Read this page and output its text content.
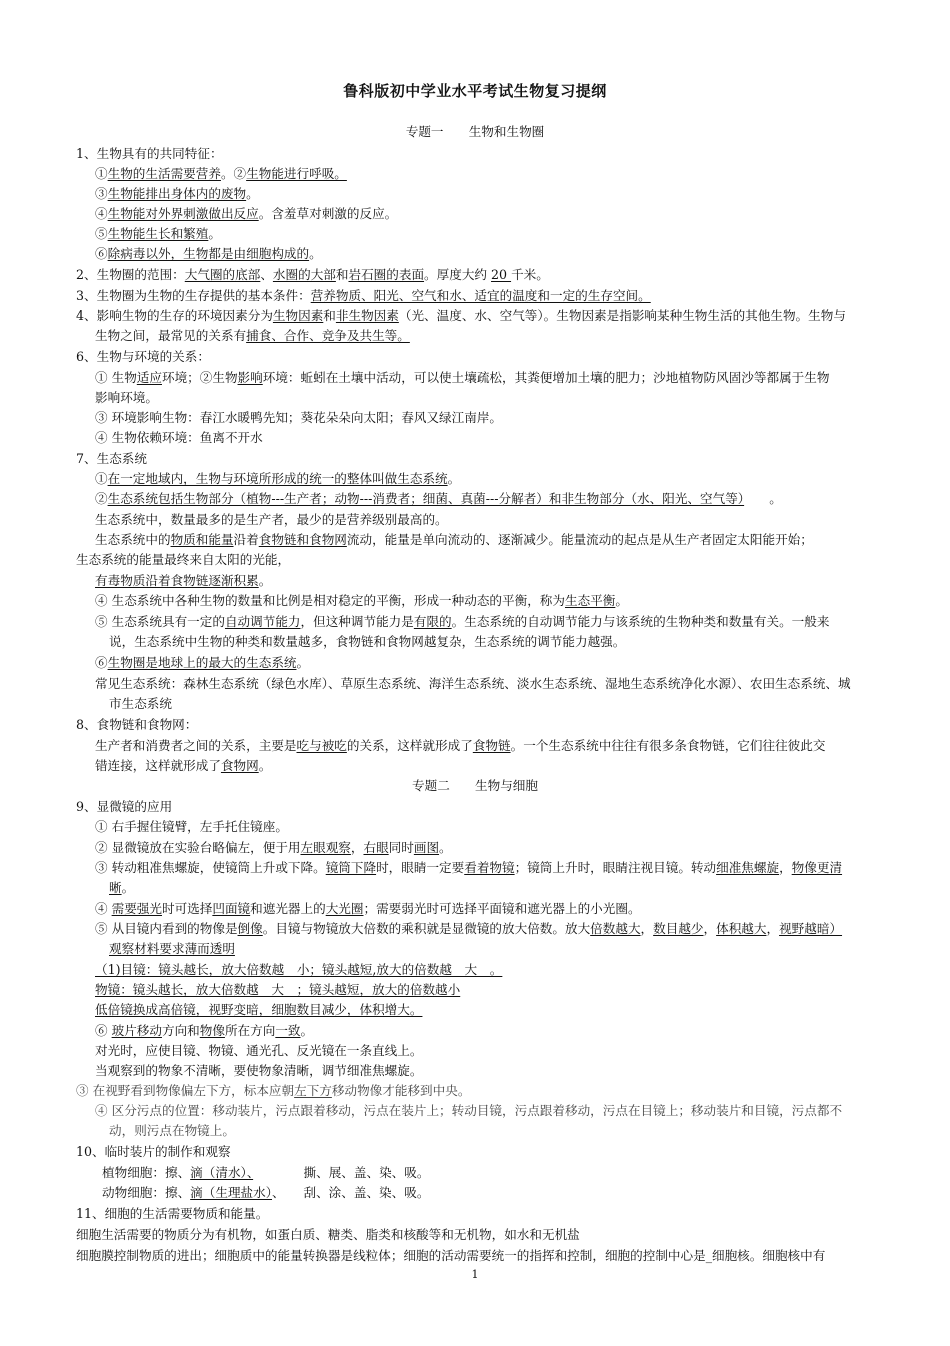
鲁科版初中学业水平考试生物复习提纲
专题一　　生物和生物圈
1、生物具有的共同特征：
①生物的生活需要营养。②生物能进行呼吸。
③生物能排出身体内的废物。
④生物能对外界刺激做出反应。含羞草对刺激的反应。
⑤生物能生长和繁殖。
⑥除病毒以外，生物都是由细胞构成的。
2、生物圈的范围：大气圈的底部、水圈的大部和岩石圈的表面。厚度大约 20 千米。
3、生物圈为生物的生存提供的基本条件：营养物质、阳光、空气和水、适宜的温度和一定的生存空间。
4、影响生物的生存的环境因素分为生物因素和非生物因素（光、温度、水、空气等）。生物因素是指影响某种生物生活的其他生物。生物与
生物之间，最常见的关系有捕食、合作、竞争及共生等。
6、生物与环境的关系：
① 生物适应环境；②生物影响环境：蚯蚓在土壤中活动，可以使土壤疏松，其粪便增加土壤的肥力；沙地植物防风固沙等都属于生物
影响环境。
③ 环境影响生物：春江水暖鸭先知；葵花朵朵向太阳；春风又绿江南岸。
④ 生物依赖环境：鱼离不开水
7、生态系统
①在一定地域内，生物与环境所形成的统一的整体叫做生态系统。
②生态系统包括生物部分（植物---生产者；动物---消费者；细菌、真菌---分解者）和非生物部分（水、阳光、空气等）　　。
生态系统中，数量最多的是生产者，最少的是营养级别最高的。
生态系统中的物质和能量沿着食物链和食物网流动，能量是单向流动的、逐渐减少。能量流动的起点是从生产者固定太阳能开始；
生态系统的能量最终来自太阳的光能，
有毒物质沿着食物链逐渐积累。
④ 生态系统中各种生物的数量和比例是相对稳定的平衡，形成一种动态的平衡，称为生态平衡。
⑤ 生态系统具有一定的自动调节能力，但这种调节能力是有限的。生态系统的自动调节能力与该系统的生物种类和数量有关。一般来
说，生态系统中生物的种类和数量越多，食物链和食物网越复杂，生态系统的调节能力越强。
⑥生物圈是地球上的最大的生态系统。
常见生态系统：森林生态系统（绿色水库）、草原生态系统、海洋生态系统、淡水生态系统、湿地生态系统净化水源）、农田生态系统、城
市生态系统
8、食物链和食物网：
生产者和消费者之间的关系，主要是吃与被吃的关系，这样就形成了食物链。一个生态系统中往往有很多条食物链，它们往往彼此交
错连接，这样就形成了食物网。
专题二　　生物与细胞
9、显微镜的应用
① 右手握住镜臂，左手托住镜座。
② 显微镜放在实验台略偏左，便于用左眼观察，右眼同时画图。
③ 转动粗准焦螺旋，使镜筒上升或下降。镜筒下降时，眼睛一定要看着物镜；镜筒上升时，眼睛注视目镜。转动细准焦螺旋，物像更清
晰。
④ 需要强光时可选择凹面镜和遮光器上的大光圈；需要弱光时可选择平面镜和遮光器上的小光圈。
⑤ 从目镜内看到的物像是倒像。目镜与物镜放大倍数的乘积就是显微镜的放大倍数。放大倍数越大，数目越少，体积越大，视野越暗）
观察材料要求薄而透明
（1)目镜：镜头越长，放大倍数越　小；镜头越短,放大的倍数越　大　。
物镜：镜头越长，放大倍数越　大　；镜头越短，放大的倍数越小
低倍镜换成高倍镜，视野变暗，细胞数目减少，体积增大。
⑥ 玻片移动方向和物像所在方向一致。
对光时，应使目镜、物镜、通光孔、反光镜在一条直线上。
当观察到的物象不清晰，要使物象清晰，调节细准焦螺旋。
③ 在视野看到物像偏左下方，标本应朝左下方移动物像才能移到中央。
④ 区分污点的位置：移动装片，污点跟着移动，污点在装片上；转动目镜，污点跟着移动，污点在目镜上；移动装片和目镜，污点都不
动，则污点在物镜上。
10、临时装片的制作和观察
植物细胞：擦、滴（清水）、　　　　撕、展、盖、染、吸。
动物细胞：擦、滴（生理盐水）、　　刮、涂、盖、染、吸。
11、细胞的生活需要物质和能量。
细胞生活需要的物质分为有机物，如蛋白质、糖类、脂类和核酸等和无机物，如水和无机盐
细胞膜控制物质的进出；细胞质中的能量转换器是线粒体；细胞的活动需要统一的指挥和控制，细胞的控制中心是_细胞核。细胞核中有
1
